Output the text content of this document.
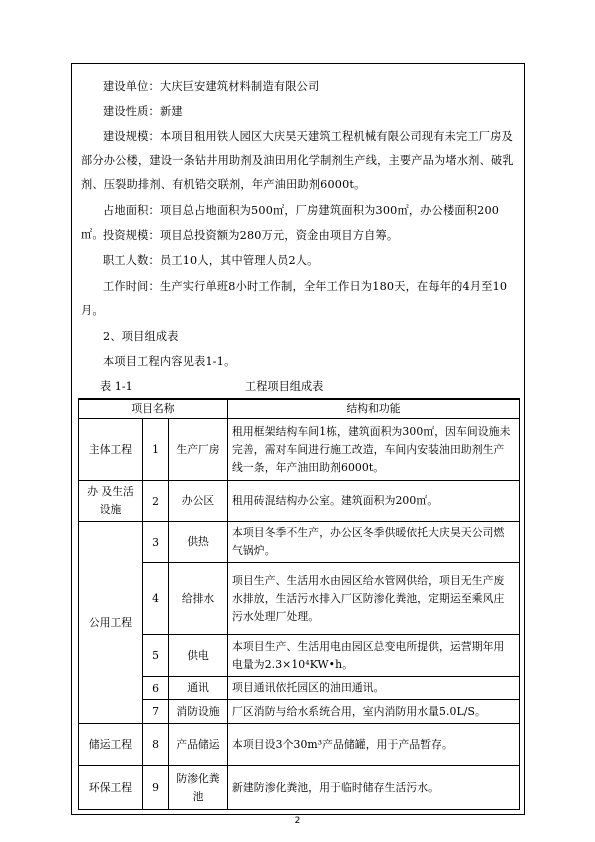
建设单位：大庆巨安建筑材料制造有限公司
建设性质：新建
建设规模：本项目租用铁人园区大庆昊天建筑工程机械有限公司现有未完工厂房及部分办公楼，建设一条钻井用助剂及油田用化学制剂生产线，主要产品为堵水剂、破乳剂、压裂助排剂、有机锆交联剂，年产油田助剂6000t。
占地面积：项目总占地面积为500㎡，厂房建筑面积为300㎡，办公楼面积200㎡。 投资规模：项目总投资额为280万元，资金由项目方自筹。
职工人数：员工10人，其中管理人员2人。
工作时间：生产实行单班8小时工作制，全年工作日为180天，在每年的4月至10月。
2、项目组成表
本项目工程内容见表1-1。
表 1-1	工程项目组成表
项目名称			结构和功能
主体工程	1	生产厂房	租用框架结构车间1栋，建筑面积为300㎡，因车间设施未完善，需对车间进行施工改造，车间内安装油田助剂生产线一条，年产油田助剂6000t。
办 及生活设施	2	办公区	租用砖混结构办公室。建筑面积为200㎡。
公用工程	3	供热	本项目冬季不生产，办公区冬季供暖依托大庆昊天公司燃气锅炉。
	4	给排水	项目生产、生活用水由园区给水管网供给，项目无生产废水排放，生活污水排入厂区防渗化粪池，定期运至乘风庄污水处理厂处理。
	5	供电	本项目生产、生活用电由园区总变电所提供，运营期年用电量为2.3×10⁴KW•h。
	6	通讯	项目通讯依托园区的油田通讯。
	7	消防设施	厂区消防与给水系统合用，室内消防用水量5.0L/S。
储运工程	8	产品储运	本项目设3个30m³产品储罐，用于产品暂存。
环保工程	9	防渗化粪池	新建防渗化粪池，用于临时储存生活污水。
2
